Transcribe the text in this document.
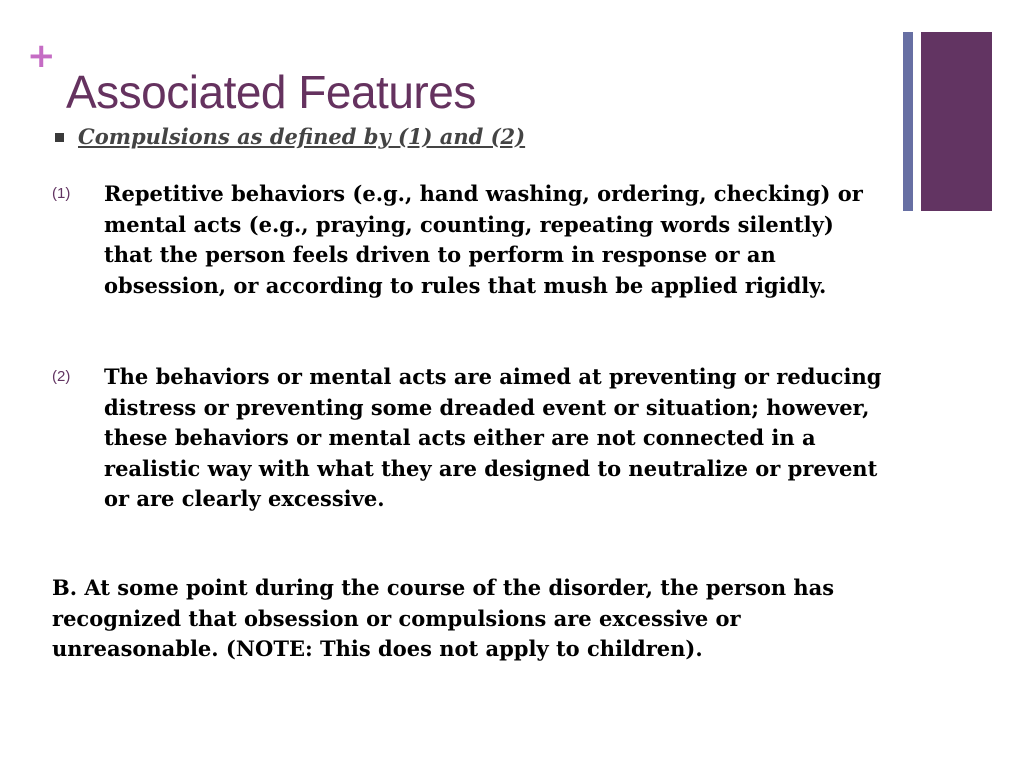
+
Associated Features
Compulsions as defined by (1) and (2)
(1)	Repetitive behaviors (e.g., hand washing, ordering, checking) or mental acts (e.g., praying, counting, repeating words silently) that the person feels driven to perform in response or an obsession, or according to rules that mush be applied rigidly.
(2)	The behaviors or mental acts are aimed at preventing or reducing distress or preventing some dreaded event or situation; however, these behaviors or mental acts either are not connected in a realistic way with what they are designed to neutralize or prevent or are clearly excessive.

B. At some point during the course of the disorder, the person has recognized that obsession or compulsions are excessive or unreasonable. (NOTE: This does not apply to children).
